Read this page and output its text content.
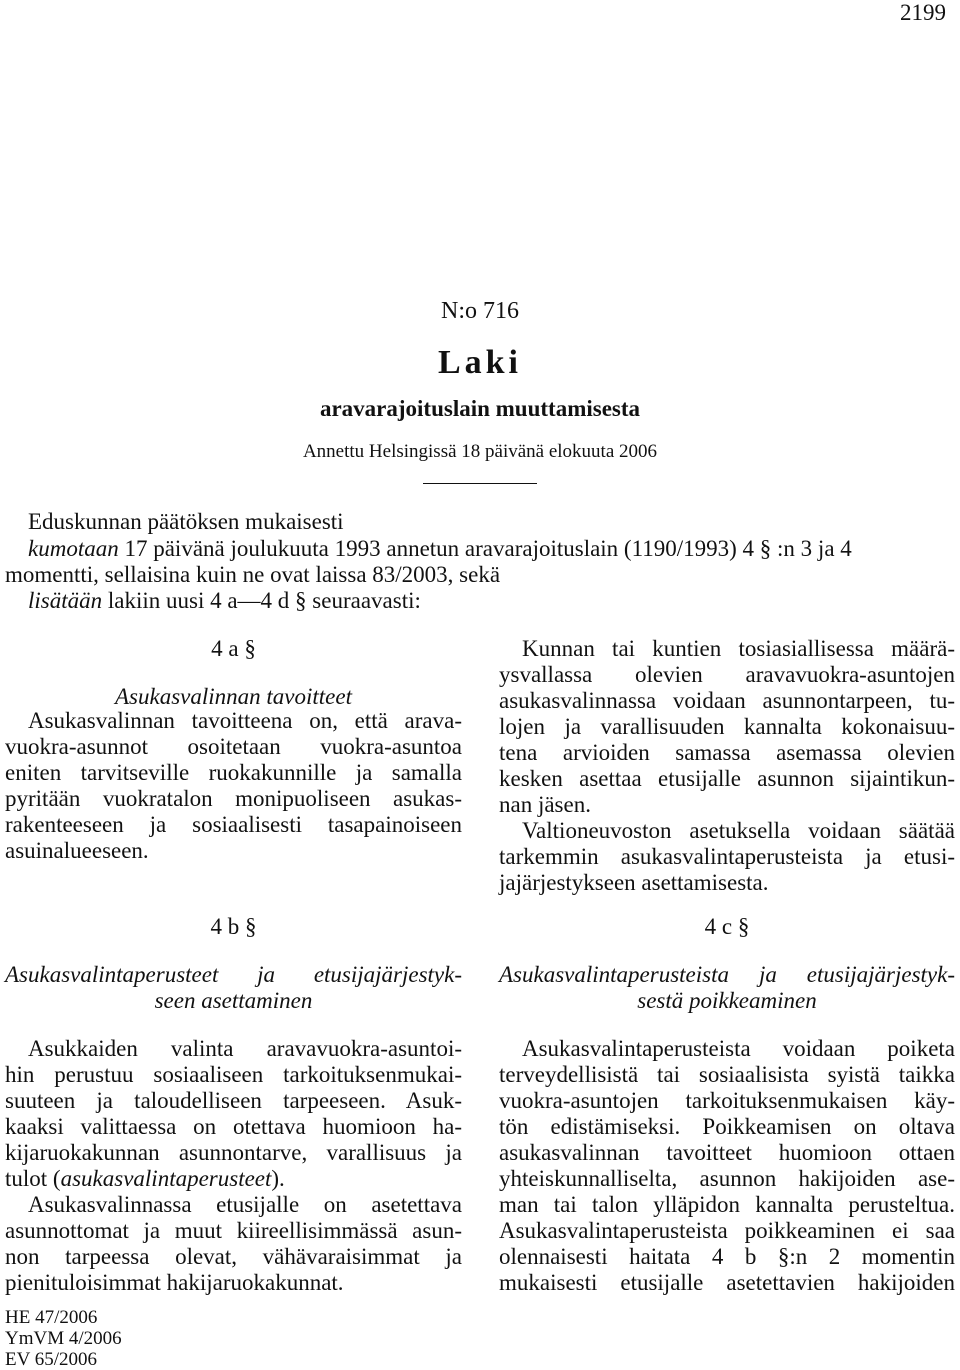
2199
N:o 716
Laki
aravarajoituslain muuttamisesta
Annettu Helsingissä 18 päivänä elokuuta 2006
Eduskunnan päätöksen mukaisesti
kumotaan 17 päivänä joulukuuta 1993 annetun aravarajoituslain (1190/1993) 4 § :n 3 ja 4
momentti, sellaisina kuin ne ovat laissa 83/2003, sekä
lisätään lakiin uusi 4 a—4 d § seuraavasti:
4 a §
Asukasvalinnan tavoitteet
Asukasvalinnan tavoitteena on, että arava-
vuokra-asunnot osoitetaan vuokra-asuntoa
eniten tarvitseville ruokakunnille ja samalla
pyritään vuokratalon monipuoliseen asukas-
rakenteeseen ja sosiaalisesti tasapainoiseen
asuinalueeseen.
Kunnan tai kuntien tosiasiallisessa määrä-
ysvallassa olevien aravavuokra-asuntojen
asukasvalinnassa voidaan asunnontarpeen, tu-
lojen ja varallisuuden kannalta kokonaisuu-
tena arvioiden samassa asemassa olevien
kesken asettaa etusijalle asunnon sijaintikun-
nan jäsen.
Valtioneuvoston asetuksella voidaan säätää
tarkemmin asukasvalintaperusteista ja etusi-
jajärjestykseen asettamisesta.
4 b §
Asukasvalintaperusteet ja etusijajärjestyk-
seen asettaminen
Asukkaiden valinta aravavuokra-asuntoi-
hin perustuu sosiaaliseen tarkoituksenmukai-
suuteen ja taloudelliseen tarpeeseen. Asuk-
kaaksi valittaessa on otettava huomioon ha-
kijaruokakunnan asunnontarve, varallisuus ja
tulot (asukasvalintaperusteet).
Asukasvalinnassa etusijalle on asetettava
asunnottomat ja muut kiireellisimmässä asun-
non tarpeessa olevat, vähävaraisimmat ja
pienituloisimmat hakijaruokakunnat.
4 c §
Asukasvalintaperusteista ja etusijajärjestyk-
sestä poikkeaminen
Asukasvalintaperusteista voidaan poiketa
terveydellisistä tai sosiaalisista syistä taikka
vuokra-asuntojen tarkoituksenmukaisen käy-
tön edistämiseksi. Poikkeamisen on oltava
asukasvalinnan tavoitteet huomioon ottaen
yhteiskunnalliselta, asunnon hakijoiden ase-
man tai talon ylläpidon kannalta perusteltua.
Asukasvalintaperusteista poikkeaminen ei saa
olennaisesti haitata 4 b §:n 2 momentin
mukaisesti etusijalle asetettavien hakijoiden
HE 47/2006
YmVM 4/2006
EV 65/2006
